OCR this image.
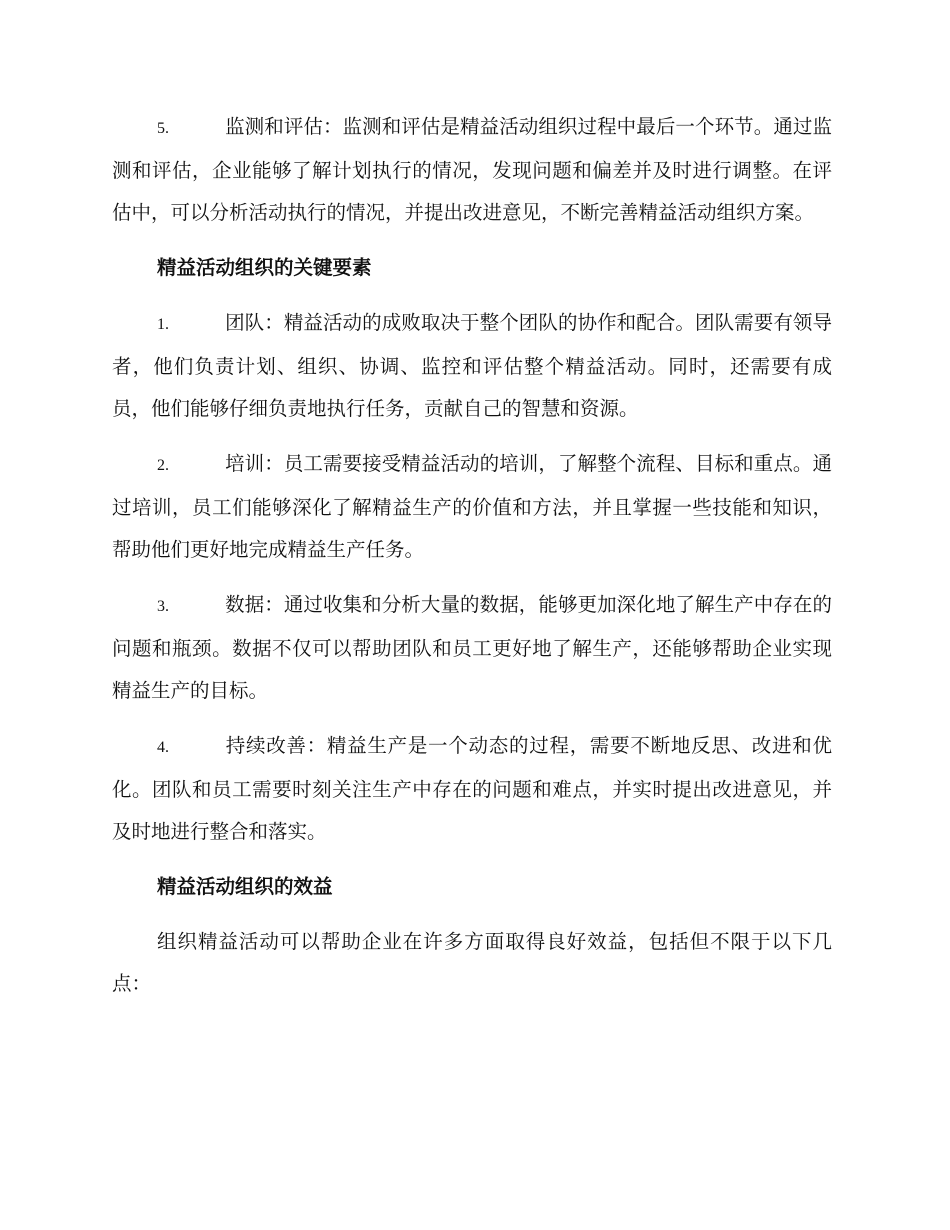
5.	监测和评估：监测和评估是精益活动组织过程中最后一个环节。通过监测和评估，企业能够了解计划执行的情况，发现问题和偏差并及时进行调整。在评估中，可以分析活动执行的情况，并提出改进意见，不断完善精益活动组织方案。

精益活动组织的关键要素

1.	团队：精益活动的成败取决于整个团队的协作和配合。团队需要有领导者，他们负责计划、组织、协调、监控和评估整个精益活动。同时，还需要有成员，他们能够仔细负责地执行任务，贡献自己的智慧和资源。

2.	培训：员工需要接受精益活动的培训，了解整个流程、目标和重点。通过培训，员工们能够深化了解精益生产的价值和方法，并且掌握一些技能和知识，帮助他们更好地完成精益生产任务。

3.	数据：通过收集和分析大量的数据，能够更加深化地了解生产中存在的问题和瓶颈。数据不仅可以帮助团队和员工更好地了解生产，还能够帮助企业实现精益生产的目标。

4.	持续改善：精益生产是一个动态的过程，需要不断地反思、改进和优化。团队和员工需要时刻关注生产中存在的问题和难点，并实时提出改进意见，并及时地进行整合和落实。

精益活动组织的效益

组织精益活动可以帮助企业在许多方面取得良好效益，包括但不限于以下几点：
